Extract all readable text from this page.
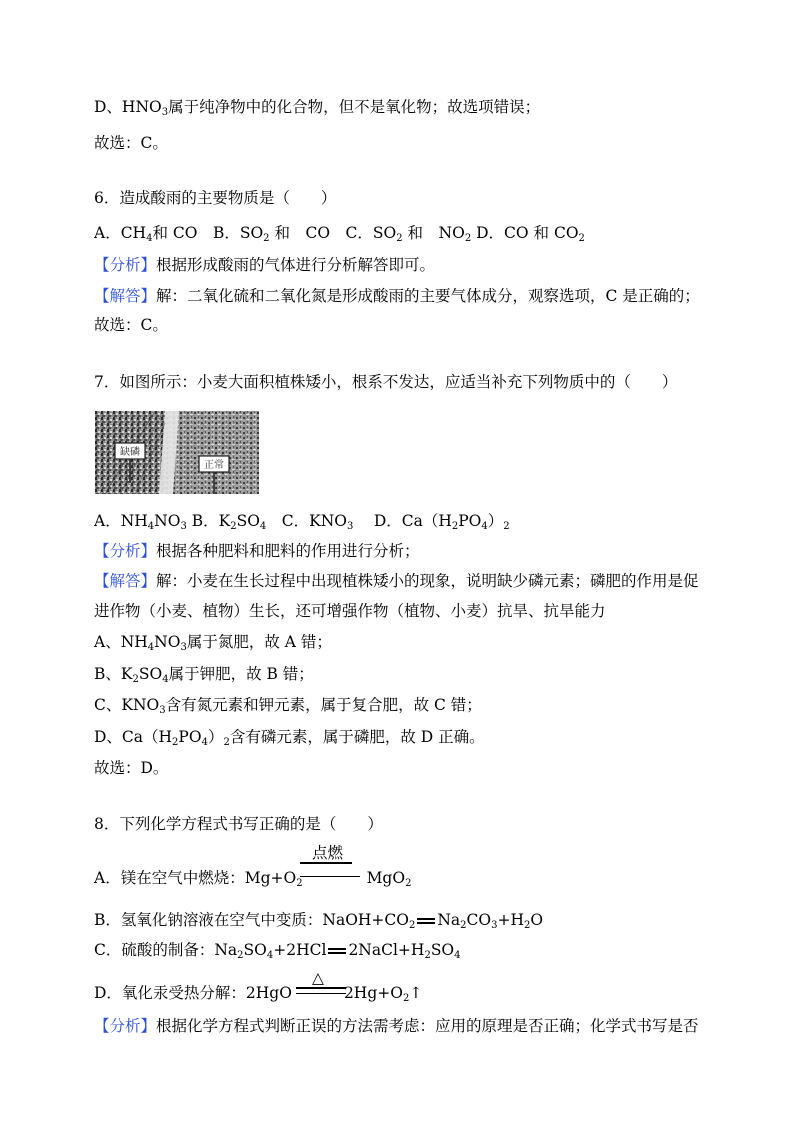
D、$HNO_3$属于纯净物中的化合物，但不是氧化物；故选项错误；
故选：C。
6．造成酸雨的主要物质是（　　）
A．$CH_4$和 CO　B．$SO_2$ 和　CO　C．$SO_2$ 和　$NO_2$ D．CO 和 $CO_2$
【分析】根据形成酸雨的气体进行分析解答即可。
【解答】解：二氧化硫和二氧化氮是形成酸雨的主要气体成分，观察选项，C 是正确的；
故选：C。
7．如图所示：小麦大面积植株矮小，根系不发达，应适当补充下列物质中的（　　）
缺磷
正常
A．$NH_4NO_3$ B．$K_2SO_4$　C．$KNO_3$　 D．$Ca(H_2PO_4)_2$
【分析】根据各种肥料和肥料的作用进行分析；
【解答】解：小麦在生长过程中出现植株矮小的现象，说明缺少磷元素；磷肥的作用是促
进作物（小麦、植物）生长，还可增强作物（植物、小麦）抗旱、抗旱能力
A、$NH_4NO_3$属于氮肥，故 A 错；
B、$K_2SO_4$属于钾肥，故 B 错；
C、$KNO_3$含有氮元素和钾元素，属于复合肥，故 C 错；
D、$Ca(H_2PO_4)_2$含有磷元素，属于磷肥，故 D 正确。
故选：D。
8．下列化学方程式书写正确的是（　　）
点燃
A．镁在空气中燃烧：$Mg+O_2$	MgO$_2$
B．氢氧化钠溶液在空气中变质：$NaOH+CO_2$ $Na_2CO_3+H_2O$
C．硫酸的制备：$Na_2SO_4+2HCl$ $2NaCl+H_2SO_4$
△
D．氧化汞受热分解：2HgO	$2Hg+O_2↑$
【分析】根据化学方程式判断正误的方法需考虑：应用的原理是否正确；化学式书写是否
